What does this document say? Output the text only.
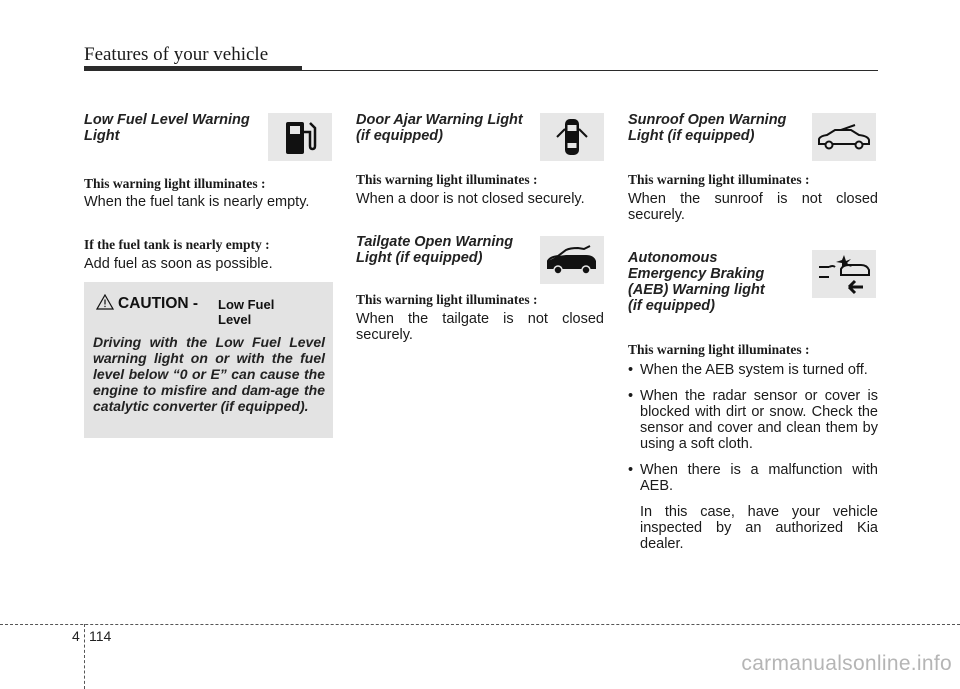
Features of your vehicle
Low Fuel Level Warning Light
This warning light illuminates :
When the fuel tank is nearly empty.
If the fuel tank is nearly empty :
Add fuel as soon as possible.
CAUTION - Low Fuel Level
Driving with the Low Fuel Level warning light on or with the fuel level below “0 or E” can cause the engine to misfire and dam-age the catalytic converter (if equipped).
Door Ajar Warning Light
(if equipped)
This warning light illuminates :
When a door is not closed securely.
Tailgate Open Warning
Light (if equipped)
This warning light illuminates :
When the tailgate is not closed securely.
Sunroof Open Warning
Light (if equipped)
This warning light illuminates :
When the sunroof is not closed securely.
Autonomous
Emergency Braking
(AEB) Warning light
(if equipped)
This warning light illuminates :
• When the AEB system is turned off.
• When the radar sensor or cover is blocked with dirt or snow. Check the sensor and cover and clean them by using a soft cloth.
• When there is a malfunction with AEB.
In this case, have your vehicle inspected by an authorized Kia dealer.
4 114
carmanualsonline.info
